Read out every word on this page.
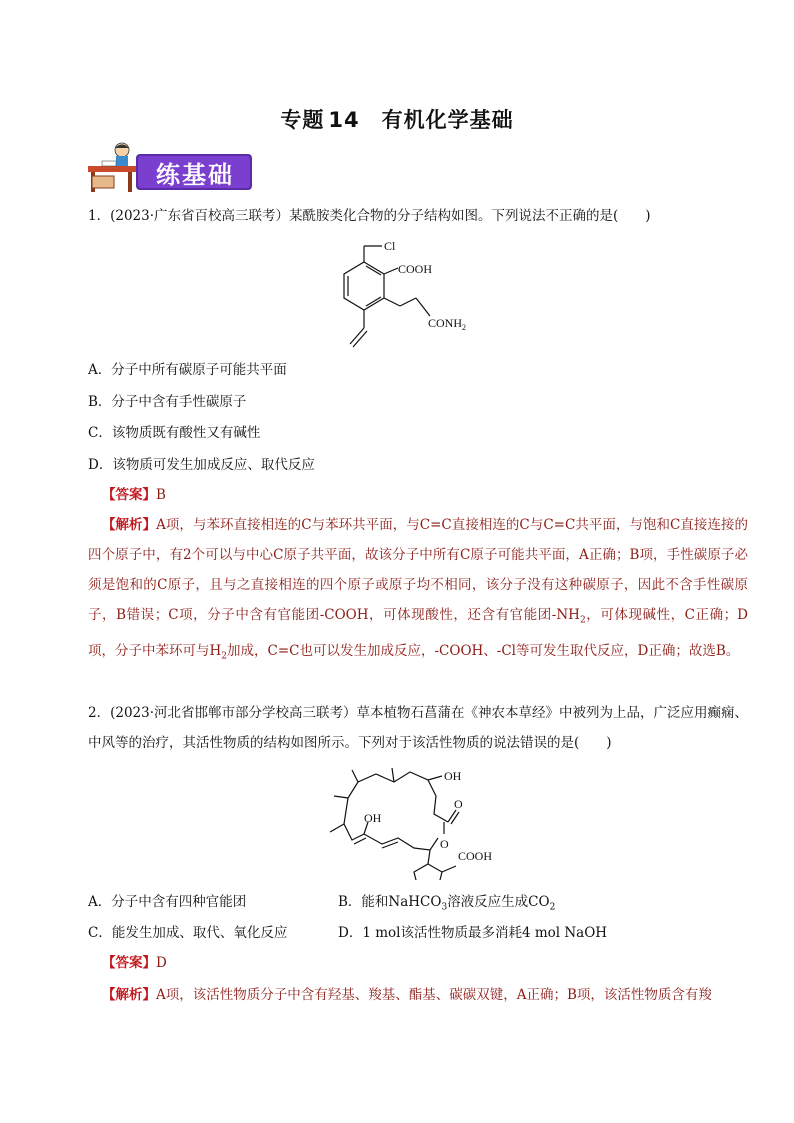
专题 14 有机化学基础
练基础
1．(2023·广东省百校高三联考）某酰胺类化合物的分子结构如图。下列说法不正确的是(　　)
Cl
COOH
$CONH_2$
A．分子中所有碳原子可能共平面
B．分子中含有手性碳原子
C．该物质既有酸性又有碱性
D．该物质可发生加成反应、取代反应
【答案】B
【解析】A项，与苯环直接相连的C与苯环共平面，与C=C直接相连的C与C=C共平面，与饱和C直接连接的四个原子中，有2个可以与中心C原子共平面，故该分子中所有C原子可能共平面，A正确；B项，手性碳原子必须是饱和的C原子，且与之直接相连的四个原子或原子均不相同，该分子没有这种碳原子，因此不含手性碳原子，B错误；C项，分子中含有官能团-COOH，可体现酸性，还含有官能团$-NH_2$，可体现碱性，C正确；D项，分子中苯环可与$H_2$加成，C=C也可以发生加成反应，-COOH、-Cl等可发生取代反应，D正确；故选B。
2．(2023·河北省邯郸市部分学校高三联考）草本植物石菖蒲在《神农本草经》中被列为上品，广泛应用癫痫、中风等的治疗，其活性物质的结构如图所示。下列对于该活性物质的说法错误的是(　　)
OH
OH
O
O
COOH
A．分子中含有四种官能团	B．能和NaHCO$_3$溶液反应生成$CO_2$
C．能发生加成、取代、氧化反应	D．1 mol该活性物质最多消耗4 mol NaOH
【答案】D
【解析】A项，该活性物质分子中含有羟基、羧基、酯基、碳碳双键，A正确；B项，该活性物质含有羧
